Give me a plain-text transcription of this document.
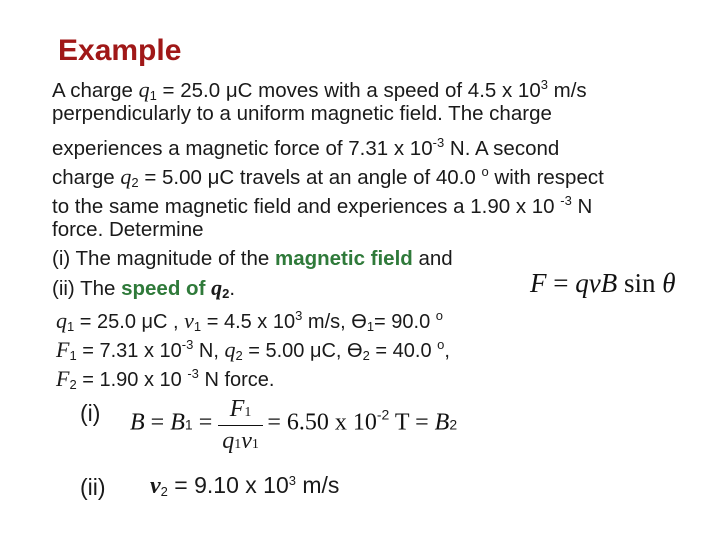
Example
A charge $q_1 = 25.0$ μC moves with a speed of 4.5 x $10^3$ m/s
perpendicularly to a uniform magnetic field. The charge
experiences a magnetic force of 7.31 x $10^{-3}$ N. A second
charge $q_2 = 5.00$ μC travels at an angle of 40.0 $^o$ with respect
to the same magnetic field and experiences a 1.90 x 10 $^{-3}$ N
force. Determine
(i) The magnitude of the magnetic field and
(ii) The speed of $q_2$.	F = qvB sin θ
$q_1 = 25.0$ μC , $v_1 = 4.5$ x $10^3$ m/s, $ϴ_1= 90.0$ $^o$
$F_1 = 7.31$ x $10^{-3}$ N, $q_2 = 5.00$ μC, $ϴ_2 = 40.0$ $^o$,
$F_2 = 1.90$ x 10 $^{-3}$ N force.
(i) $B = B1 = \frac{F1}{q1v1} = 6.50$ x 10-2 T = B2
(ii) $v_2 = 9.10$ x $10^3$ m/s
